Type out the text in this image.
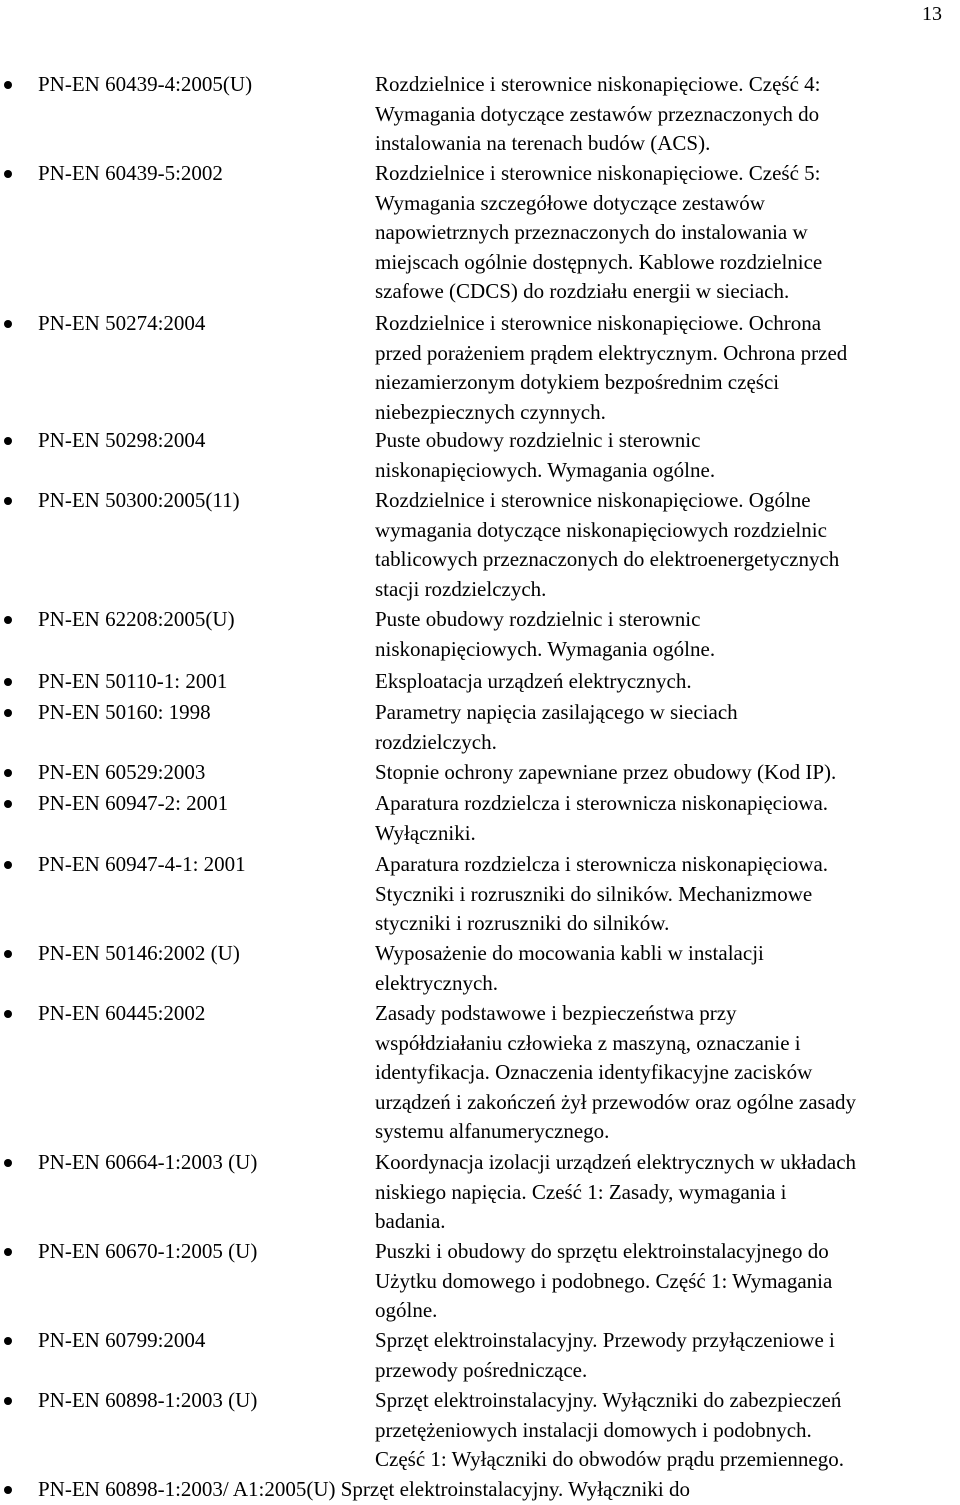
13
PN-EN 60439-4:2005(U)	Rozdzielnice i sterownice niskonapięciowe. Część 4:
Wymagania dotyczące zestawów przeznaczonych do
instalowania na terenach budów (ACS).
PN-EN 60439-5:2002	Rozdzielnice i sterownice niskonapięciowe. Cześć 5:
Wymagania szczegółowe dotyczące zestawów
napowietrznych przeznaczonych do instalowania w
miejscach ogólnie dostępnych. Kablowe rozdzielnice
szafowe (CDCS) do rozdziału energii w sieciach.
PN-EN 50274:2004	Rozdzielnice i sterownice niskonapięciowe. Ochrona
przed porażeniem prądem elektrycznym. Ochrona przed
niezamierzonym dotykiem bezpośrednim części
niebezpiecznych czynnych.
PN-EN 50298:2004	Puste obudowy rozdzielnic i sterownic
niskonapięciowych. Wymagania ogólne.
PN-EN 50300:2005(11)	Rozdzielnice i sterownice niskonapięciowe. Ogólne
wymagania dotyczące niskonapięciowych rozdzielnic
tablicowych przeznaczonych do elektroenergetycznych
stacji rozdzielczych.
PN-EN 62208:2005(U)	Puste obudowy rozdzielnic i sterownic
niskonapięciowych. Wymagania ogólne.
PN-EN 50110-1: 2001	Eksploatacja urządzeń elektrycznych.
PN-EN 50160: 1998	Parametry napięcia zasilającego w sieciach
rozdzielczych.
PN-EN 60529:2003	Stopnie ochrony zapewniane przez obudowy (Kod IP).
PN-EN 60947-2: 2001	Aparatura rozdzielcza i sterownicza niskonapięciowa.
Wyłączniki.
PN-EN 60947-4-1: 2001	Aparatura rozdzielcza i sterownicza niskonapięciowa.
Styczniki i rozruszniki do silników. Mechanizmowe
styczniki i rozruszniki do silników.
PN-EN 50146:2002 (U)	Wyposażenie do mocowania kabli w instalacji
elektrycznych.
PN-EN 60445:2002	Zasady podstawowe i bezpieczeństwa przy
współdziałaniu człowieka z maszyną, oznaczanie i
identyfikacja. Oznaczenia identyfikacyjne zacisków
urządzeń i zakończeń żył przewodów oraz ogólne zasady
systemu alfanumerycznego.
PN-EN 60664-1:2003 (U)	Koordynacja izolacji urządzeń elektrycznych w układach
niskiego napięcia. Cześć 1: Zasady, wymagania i
badania.
PN-EN 60670-1:2005 (U)	Puszki i obudowy do sprzętu elektroinstalacyjnego do
Użytku domowego i podobnego. Część 1: Wymagania
ogólne.
PN-EN 60799:2004	Sprzęt elektroinstalacyjny. Przewody przyłączeniowe i
przewody pośredniczące.
PN-EN 60898-1:2003 (U)	Sprzęt elektroinstalacyjny. Wyłączniki do zabezpieczeń
przetężeniowych instalacji domowych i podobnych.
Część 1: Wyłączniki do obwodów prądu przemiennego.
PN-EN 60898-1:2003/ A1:2005(U) Sprzęt elektroinstalacyjny. Wyłączniki do
